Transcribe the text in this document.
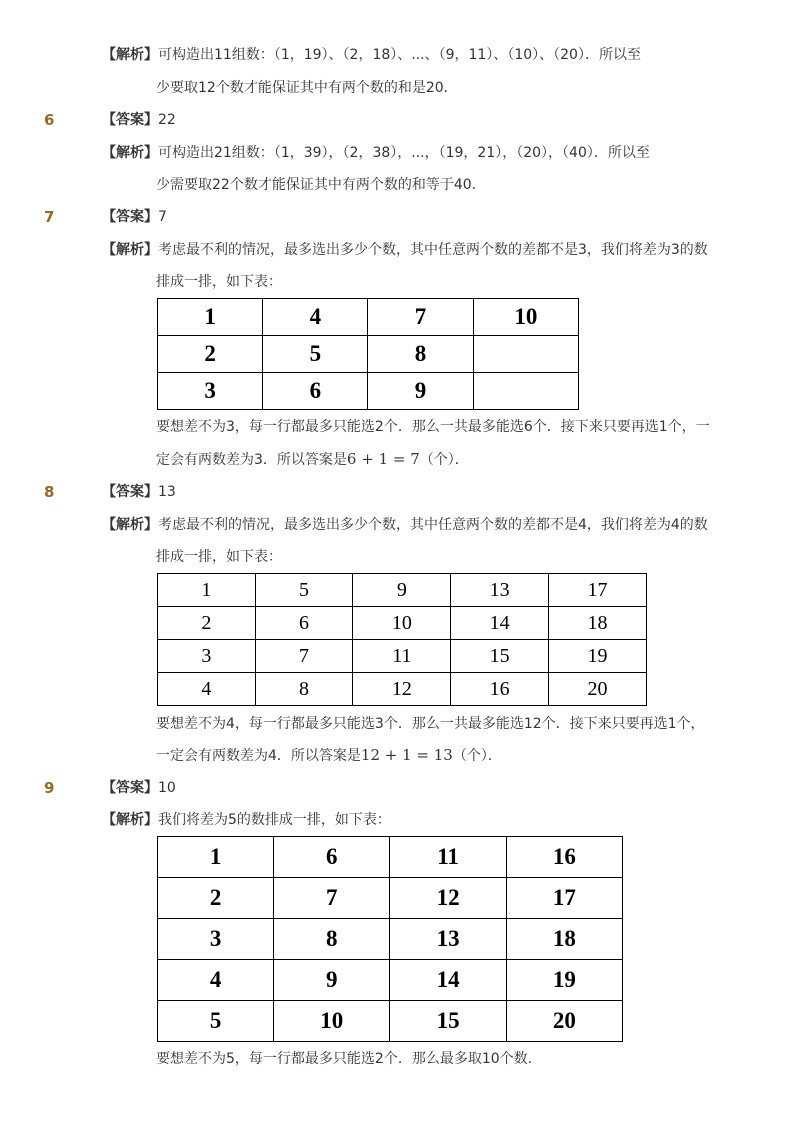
【解析】可构造出11组数：（1，19）、（2，18）、...、（9，11）、（10）、（20）．所以至
少要取12个数才能保证其中有两个数的和是20．
6	【答案】22
【解析】可构造出21组数：（1，39），（2，38），...，（19，21），（20），（40）．所以至
少需要取22个数才能保证其中有两个数的和等于40．
7	【答案】7
【解析】考虑最不利的情况，最多选出多少个数，其中任意两个数的差都不是3，我们将差为3的数
排成一排，如下表：
1	4	7	10
2	5	8	
3	6	9	
要想差不为3，每一行都最多只能选2个．那么一共最多能选6个．接下来只要再选1个，一
定会有两数差为3．所以答案是6 + 1 = 7（个）．
8	【答案】13
【解析】考虑最不利的情况，最多选出多少个数，其中任意两个数的差都不是4，我们将差为4的数
排成一排，如下表：
1	5	9	13	17
2	6	10	14	18
3	7	11	15	19
4	8	12	16	20
要想差不为4，每一行都最多只能选3个．那么一共最多能选12个．接下来只要再选1个，
一定会有两数差为4．所以答案是12 + 1 = 13（个）．
9	【答案】10
【解析】我们将差为5的数排成一排，如下表：
1	6	11	16
2	7	12	17
3	8	13	18
4	9	14	19
5	10	15	20
要想差不为5，每一行都最多只能选2个．那么最多取10个数．
